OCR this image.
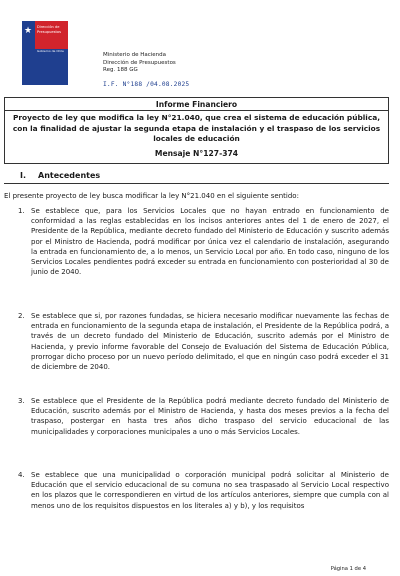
★ Dirección de
Presupuestos
Gobierno de Chile
Ministerio de Hacienda
Dirección de Presupuestos
Reg. 188 GG
I.F. N°188 /04.08.2025
Informe Financiero
Proyecto de ley que modifica la ley N°21.040, que crea el sistema de educación pública, con la finalidad de ajustar la segunda etapa de instalación y el traspaso de los servicios locales de educación
Mensaje N°127-374
I. Antecedentes
El presente proyecto de ley busca modificar la ley N°21.040 en el siguiente sentido:
1. Se establece que, para los Servicios Locales que no hayan entrado en funcionamiento de conformidad a las reglas establecidas en los incisos anteriores antes del 1 de enero de 2027, el Presidente de la República, mediante decreto fundado del Ministerio de Educación y suscrito además por el Ministro de Hacienda, podrá modificar por única vez el calendario de instalación, asegurando la entrada en funcionamiento de, a lo menos, un Servicio Local por año. En todo caso, ninguno de los Servicios Locales pendientes podrá exceder su entrada en funcionamiento con posterioridad al 30 de junio de 2040.

2. Se establece que si, por razones fundadas, se hiciera necesario modificar nuevamente las fechas de entrada en funcionamiento de la segunda etapa de instalación, el Presidente de la República podrá, a través de un decreto fundado del Ministerio de Educación, suscrito además por el Ministro de Hacienda, y previo informe favorable del Consejo de Evaluación del Sistema de Educación Pública, prorrogar dicho proceso por un nuevo período delimitado, el que en ningún caso podrá exceder el 31 de diciembre de 2040.

3. Se establece que el Presidente de la República podrá mediante decreto fundado del Ministerio de Educación, suscrito además por el Ministro de Hacienda, y hasta dos meses previos a la fecha del traspaso, postergar en hasta tres años dicho traspaso del servicio educacional de las municipalidades y corporaciones municipales a uno o más Servicios Locales.

4. Se establece que una municipalidad o corporación municipal podrá solicitar al Ministerio de Educación que el servicio educacional de su comuna no sea traspasado al Servicio Local respectivo en los plazos que le correspondieren en virtud de los artículos anteriores, siempre que cumpla con al menos uno de los requisitos dispuestos en los literales a) y b), y los requisitos

Página 1 de 4
